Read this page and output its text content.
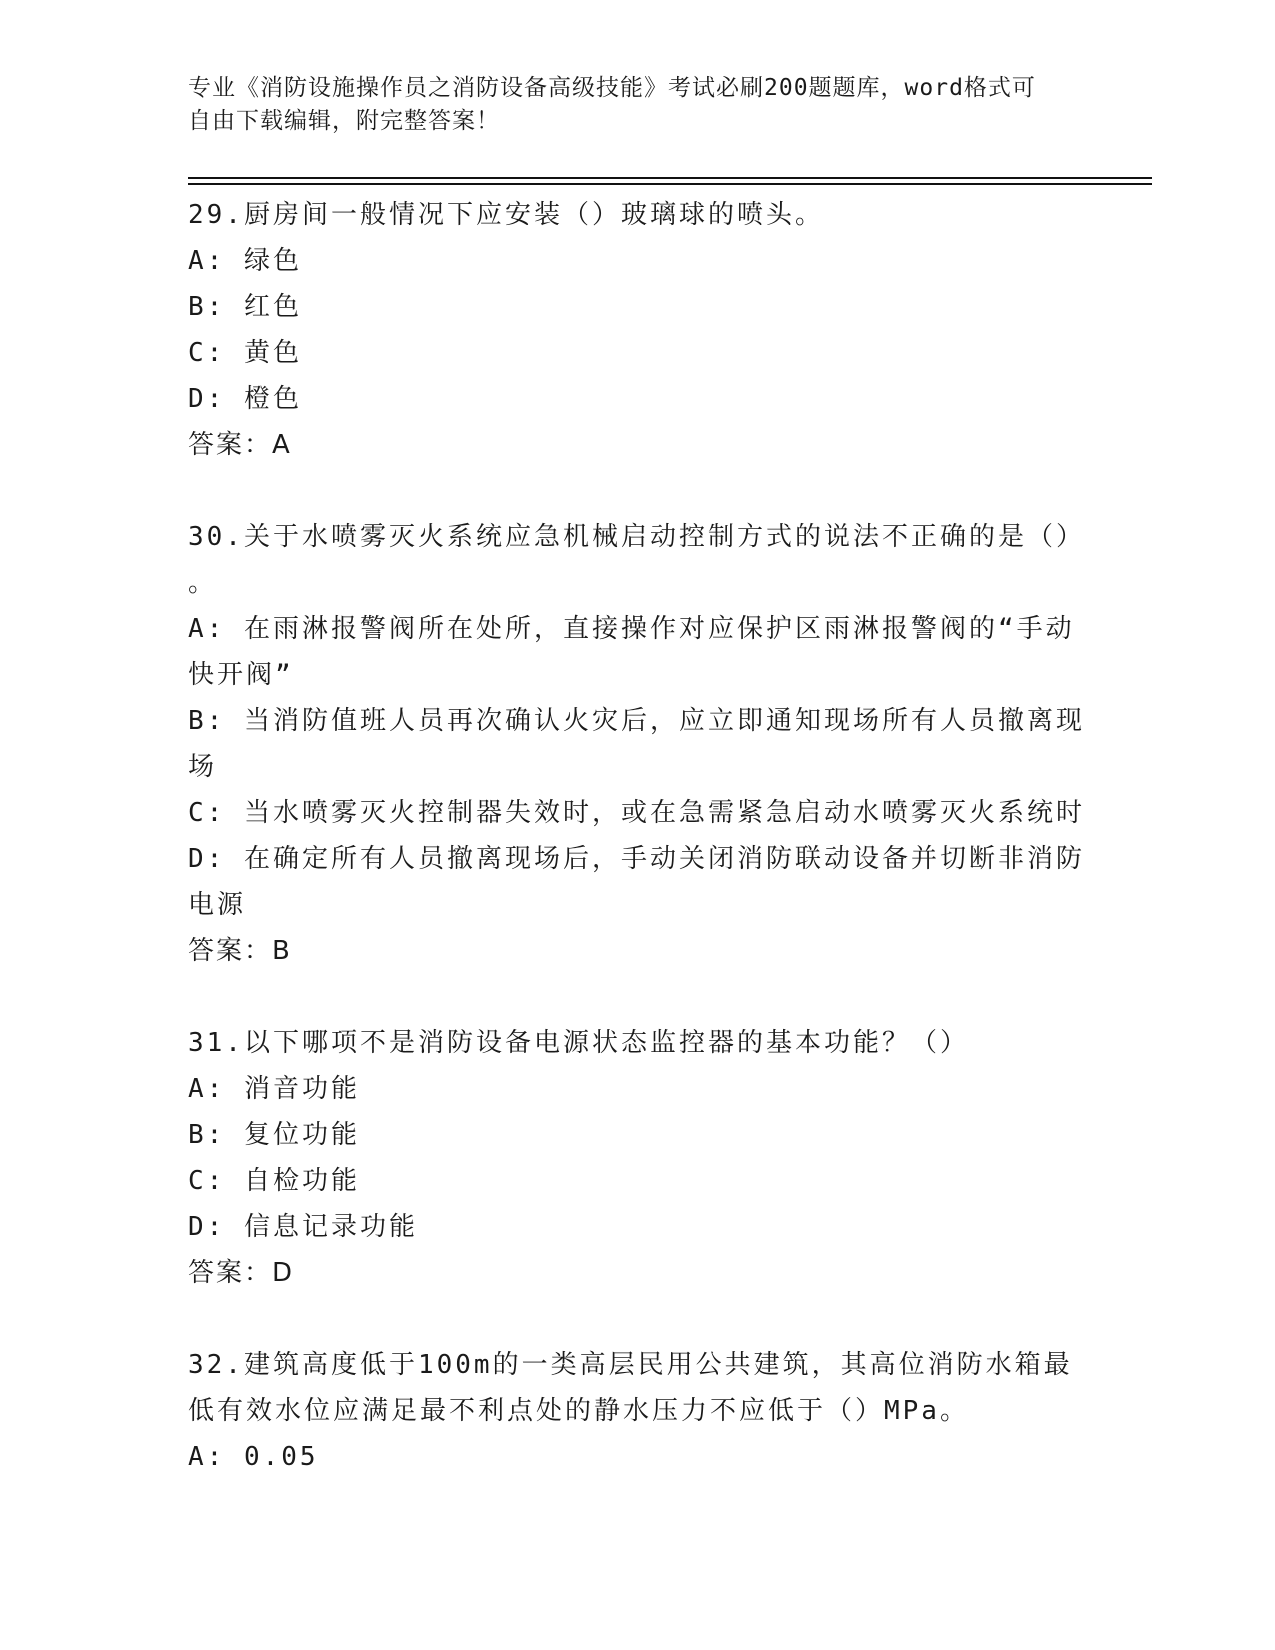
专业《消防设施操作员之消防设备高级技能》考试必刷200题题库，word格式可
自由下载编辑，附完整答案！
29.厨房间一般情况下应安装（）玻璃球的喷头。
A: 绿色
B: 红色
C: 黄色
D: 橙色
答案：A
30.关于水喷雾灭火系统应急机械启动控制方式的说法不正确的是（）
。
A: 在雨淋报警阀所在处所，直接操作对应保护区雨淋报警阀的“手动
快开阀”
B: 当消防值班人员再次确认火灾后，应立即通知现场所有人员撤离现
场
C: 当水喷雾灭火控制器失效时，或在急需紧急启动水喷雾灭火系统时
D: 在确定所有人员撤离现场后，手动关闭消防联动设备并切断非消防
电源
答案：B
31.以下哪项不是消防设备电源状态监控器的基本功能？（）
A: 消音功能
B: 复位功能
C: 自检功能
D: 信息记录功能
答案：D
32.建筑高度低于100m的一类高层民用公共建筑，其高位消防水箱最
低有效水位应满足最不利点处的静水压力不应低于（）MPa。
A: 0.05
